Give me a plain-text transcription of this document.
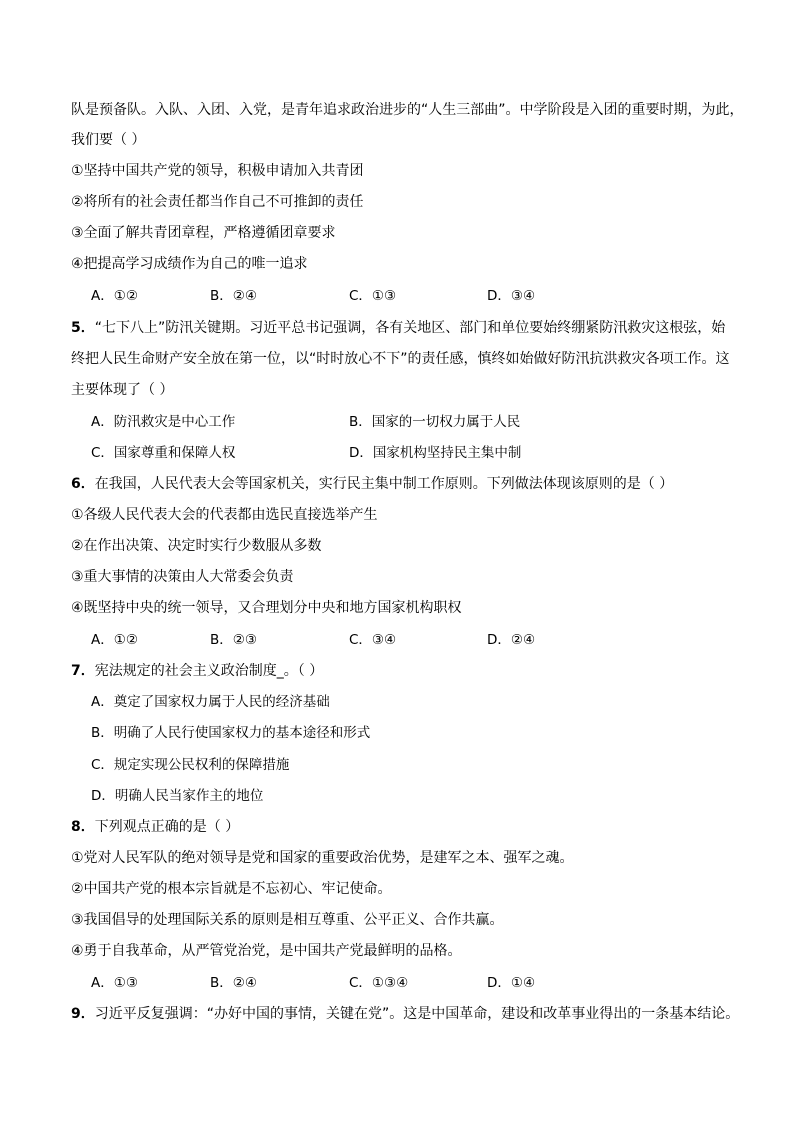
队是预备队。入队、入团、入党，是青年追求政治进步的“人生三部曲”。中学阶段是入团的重要时期，为此，
我们要（ ）
①坚持中国共产党的领导，积极申请加入共青团
②将所有的社会责任都当作自己不可推卸的责任
③全面了解共青团章程，严格遵循团章要求
④把提高学习成绩作为自己的唯一追求
A．①②	B．②④	C．①③	D．③④
5．“七下八上”防汛关键期。习近平总书记强调，各有关地区、部门和单位要始终绷紧防汛救灾这根弦，始
终把人民生命财产安全放在第一位，以“时时放心不下”的责任感，慎终如始做好防汛抗洪救灾各项工作。这
主要体现了（ ）
A．防汛救灾是中心工作	B．国家的一切权力属于人民
C．国家尊重和保障人权	D．国家机构坚持民主集中制
6．在我国，人民代表大会等国家机关，实行民主集中制工作原则。下列做法体现该原则的是（ ）
①各级人民代表大会的代表都由选民直接选举产生
②在作出决策、决定时实行少数服从多数
③重大事情的决策由人大常委会负责
④既坚持中央的统一领导，又合理划分中央和地方国家机构职权
A．①②	B．②③	C．③④	D．②④
7．宪法规定的社会主义政治制度_。（ ）
A．奠定了国家权力属于人民的经济基础
B．明确了人民行使国家权力的基本途径和形式
C．规定实现公民权利的保障措施
D．明确人民当家作主的地位
8．下列观点正确的是（ ）
①党对人民军队的绝对领导是党和国家的重要政治优势，是建军之本、强军之魂。
②中国共产党的根本宗旨就是不忘初心、牢记使命。
③我国倡导的处理国际关系的原则是相互尊重、公平正义、合作共赢。
④勇于自我革命，从严管党治党，是中国共产党最鲜明的品格。
A．①③	B．②④	C．①③④	D．①④
9．习近平反复强调：“办好中国的事情，关键在党”。这是中国革命，建设和改革事业得出的一条基本结论。
